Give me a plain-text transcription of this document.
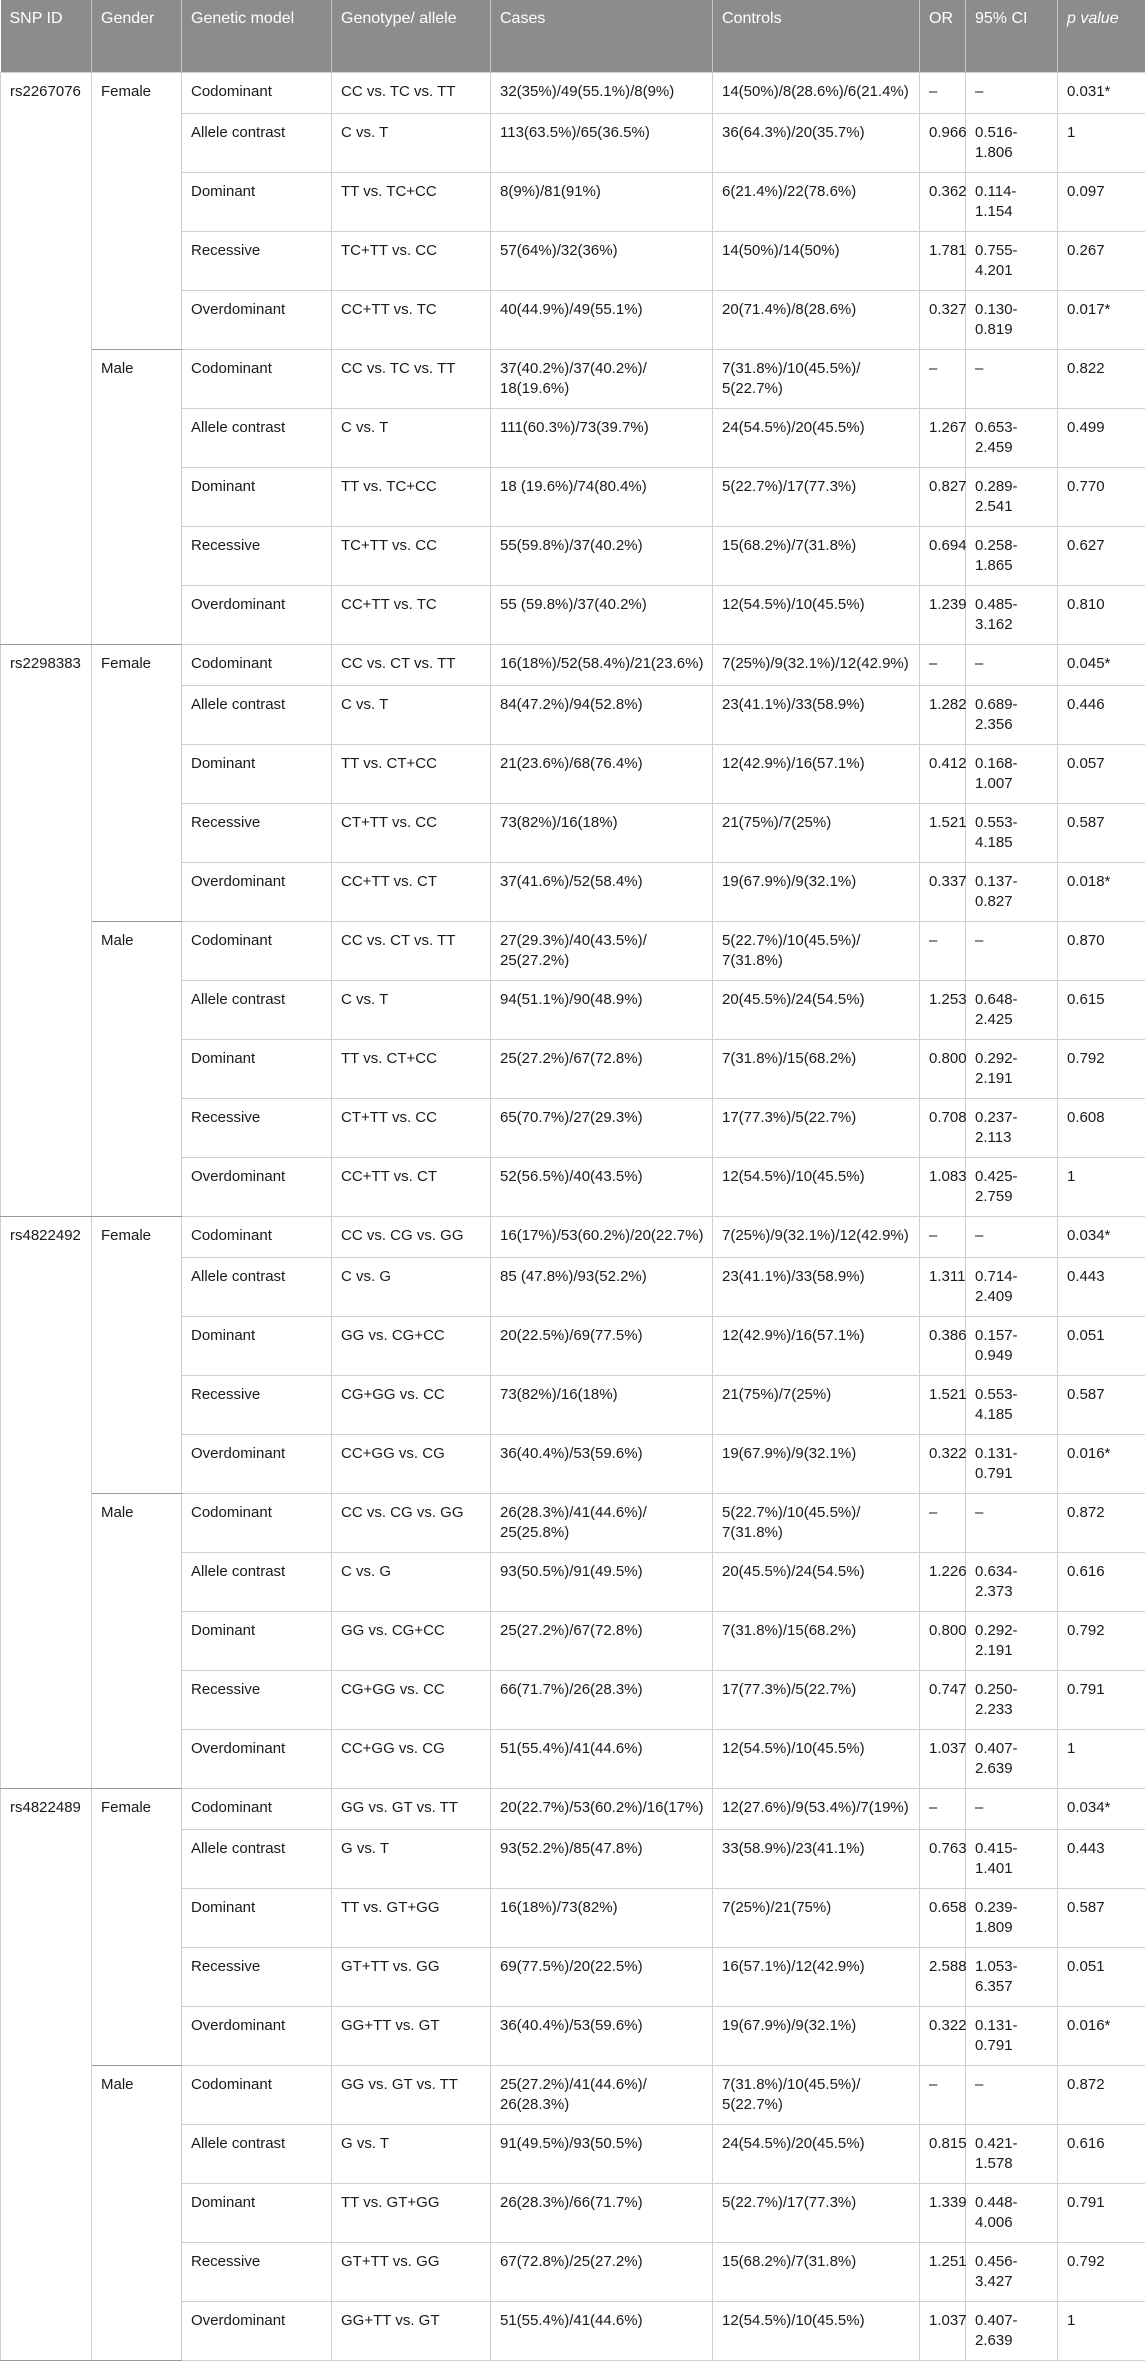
SNP ID	Gender	Genetic model	Genotype/ allele	Cases	Controls	OR	95% CI	p value
rs2267076	Female	Codominant	CC vs. TC vs. TT	32(35%)/49(55.1%)/8(9%)	14(50%)/8(28.6%)/6(21.4%)	–	–	0.031*
		Allele contrast	C vs. T	113(63.5%)/65(36.5%)	36(64.3%)/20(35.7%)	0.966	0.516-1.806	1
		Dominant	TT vs. TC+CC	8(9%)/81(91%)	6(21.4%)/22(78.6%)	0.362	0.114-1.154	0.097
		Recessive	TC+TT vs. CC	57(64%)/32(36%)	14(50%)/14(50%)	1.781	0.755-4.201	0.267
		Overdominant	CC+TT vs. TC	40(44.9%)/49(55.1%)	20(71.4%)/8(28.6%)	0.327	0.130-0.819	0.017*
	Male	Codominant	CC vs. TC vs. TT	37(40.2%)/37(40.2%)/ 18(19.6%)	7(31.8%)/10(45.5%)/ 5(22.7%)	–	–	0.822
		Allele contrast	C vs. T	111(60.3%)/73(39.7%)	24(54.5%)/20(45.5%)	1.267	0.653-2.459	0.499
		Dominant	TT vs. TC+CC	18 (19.6%)/74(80.4%)	5(22.7%)/17(77.3%)	0.827	0.289-2.541	0.770
		Recessive	TC+TT vs. CC	55(59.8%)/37(40.2%)	15(68.2%)/7(31.8%)	0.694	0.258-1.865	0.627
		Overdominant	CC+TT vs. TC	55 (59.8%)/37(40.2%)	12(54.5%)/10(45.5%)	1.239	0.485-3.162	0.810
rs2298383	Female	Codominant	CC vs. CT vs. TT	16(18%)/52(58.4%)/21(23.6%)	7(25%)/9(32.1%)/12(42.9%)	–	–	0.045*
		Allele contrast	C vs. T	84(47.2%)/94(52.8%)	23(41.1%)/33(58.9%)	1.282	0.689-2.356	0.446
		Dominant	TT vs. CT+CC	21(23.6%)/68(76.4%)	12(42.9%)/16(57.1%)	0.412	0.168-1.007	0.057
		Recessive	CT+TT vs. CC	73(82%)/16(18%)	21(75%)/7(25%)	1.521	0.553-4.185	0.587
		Overdominant	CC+TT vs. CT	37(41.6%)/52(58.4%)	19(67.9%)/9(32.1%)	0.337	0.137-0.827	0.018*
	Male	Codominant	CC vs. CT vs. TT	27(29.3%)/40(43.5%)/ 25(27.2%)	5(22.7%)/10(45.5%)/ 7(31.8%)	–	–	0.870
		Allele contrast	C vs. T	94(51.1%)/90(48.9%)	20(45.5%)/24(54.5%)	1.253	0.648-2.425	0.615
		Dominant	TT vs. CT+CC	25(27.2%)/67(72.8%)	7(31.8%)/15(68.2%)	0.800	0.292-2.191	0.792
		Recessive	CT+TT vs. CC	65(70.7%)/27(29.3%)	17(77.3%)/5(22.7%)	0.708	0.237-2.113	0.608
		Overdominant	CC+TT vs. CT	52(56.5%)/40(43.5%)	12(54.5%)/10(45.5%)	1.083	0.425-2.759	1
rs4822492	Female	Codominant	CC vs. CG vs. GG	16(17%)/53(60.2%)/20(22.7%)	7(25%)/9(32.1%)/12(42.9%)	–	–	0.034*
		Allele contrast	C vs. G	85 (47.8%)/93(52.2%)	23(41.1%)/33(58.9%)	1.311	0.714-2.409	0.443
		Dominant	GG vs. CG+CC	20(22.5%)/69(77.5%)	12(42.9%)/16(57.1%)	0.386	0.157-0.949	0.051
		Recessive	CG+GG vs. CC	73(82%)/16(18%)	21(75%)/7(25%)	1.521	0.553-4.185	0.587
		Overdominant	CC+GG vs. CG	36(40.4%)/53(59.6%)	19(67.9%)/9(32.1%)	0.322	0.131-0.791	0.016*
	Male	Codominant	CC vs. CG vs. GG	26(28.3%)/41(44.6%)/ 25(25.8%)	5(22.7%)/10(45.5%)/ 7(31.8%)	–	–	0.872
		Allele contrast	C vs. G	93(50.5%)/91(49.5%)	20(45.5%)/24(54.5%)	1.226	0.634-2.373	0.616
		Dominant	GG vs. CG+CC	25(27.2%)/67(72.8%)	7(31.8%)/15(68.2%)	0.800	0.292-2.191	0.792
		Recessive	CG+GG vs. CC	66(71.7%)/26(28.3%)	17(77.3%)/5(22.7%)	0.747	0.250-2.233	0.791
		Overdominant	CC+GG vs. CG	51(55.4%)/41(44.6%)	12(54.5%)/10(45.5%)	1.037	0.407-2.639	1
rs4822489	Female	Codominant	GG vs. GT vs. TT	20(22.7%)/53(60.2%)/16(17%)	12(27.6%)/9(53.4%)/7(19%)	–	–	0.034*
		Allele contrast	G vs. T	93(52.2%)/85(47.8%)	33(58.9%)/23(41.1%)	0.763	0.415-1.401	0.443
		Dominant	TT vs. GT+GG	16(18%)/73(82%)	7(25%)/21(75%)	0.658	0.239-1.809	0.587
		Recessive	GT+TT vs. GG	69(77.5%)/20(22.5%)	16(57.1%)/12(42.9%)	2.588	1.053-6.357	0.051
		Overdominant	GG+TT vs. GT	36(40.4%)/53(59.6%)	19(67.9%)/9(32.1%)	0.322	0.131-0.791	0.016*
	Male	Codominant	GG vs. GT vs. TT	25(27.2%)/41(44.6%)/ 26(28.3%)	7(31.8%)/10(45.5%)/ 5(22.7%)	–	–	0.872
		Allele contrast	G vs. T	91(49.5%)/93(50.5%)	24(54.5%)/20(45.5%)	0.815	0.421-1.578	0.616
		Dominant	TT vs. GT+GG	26(28.3%)/66(71.7%)	5(22.7%)/17(77.3%)	1.339	0.448-4.006	0.791
		Recessive	GT+TT vs. GG	67(72.8%)/25(27.2%)	15(68.2%)/7(31.8%)	1.251	0.456-3.427	0.792
		Overdominant	GG+TT vs. GT	51(55.4%)/41(44.6%)	12(54.5%)/10(45.5%)	1.037	0.407-2.639	1
